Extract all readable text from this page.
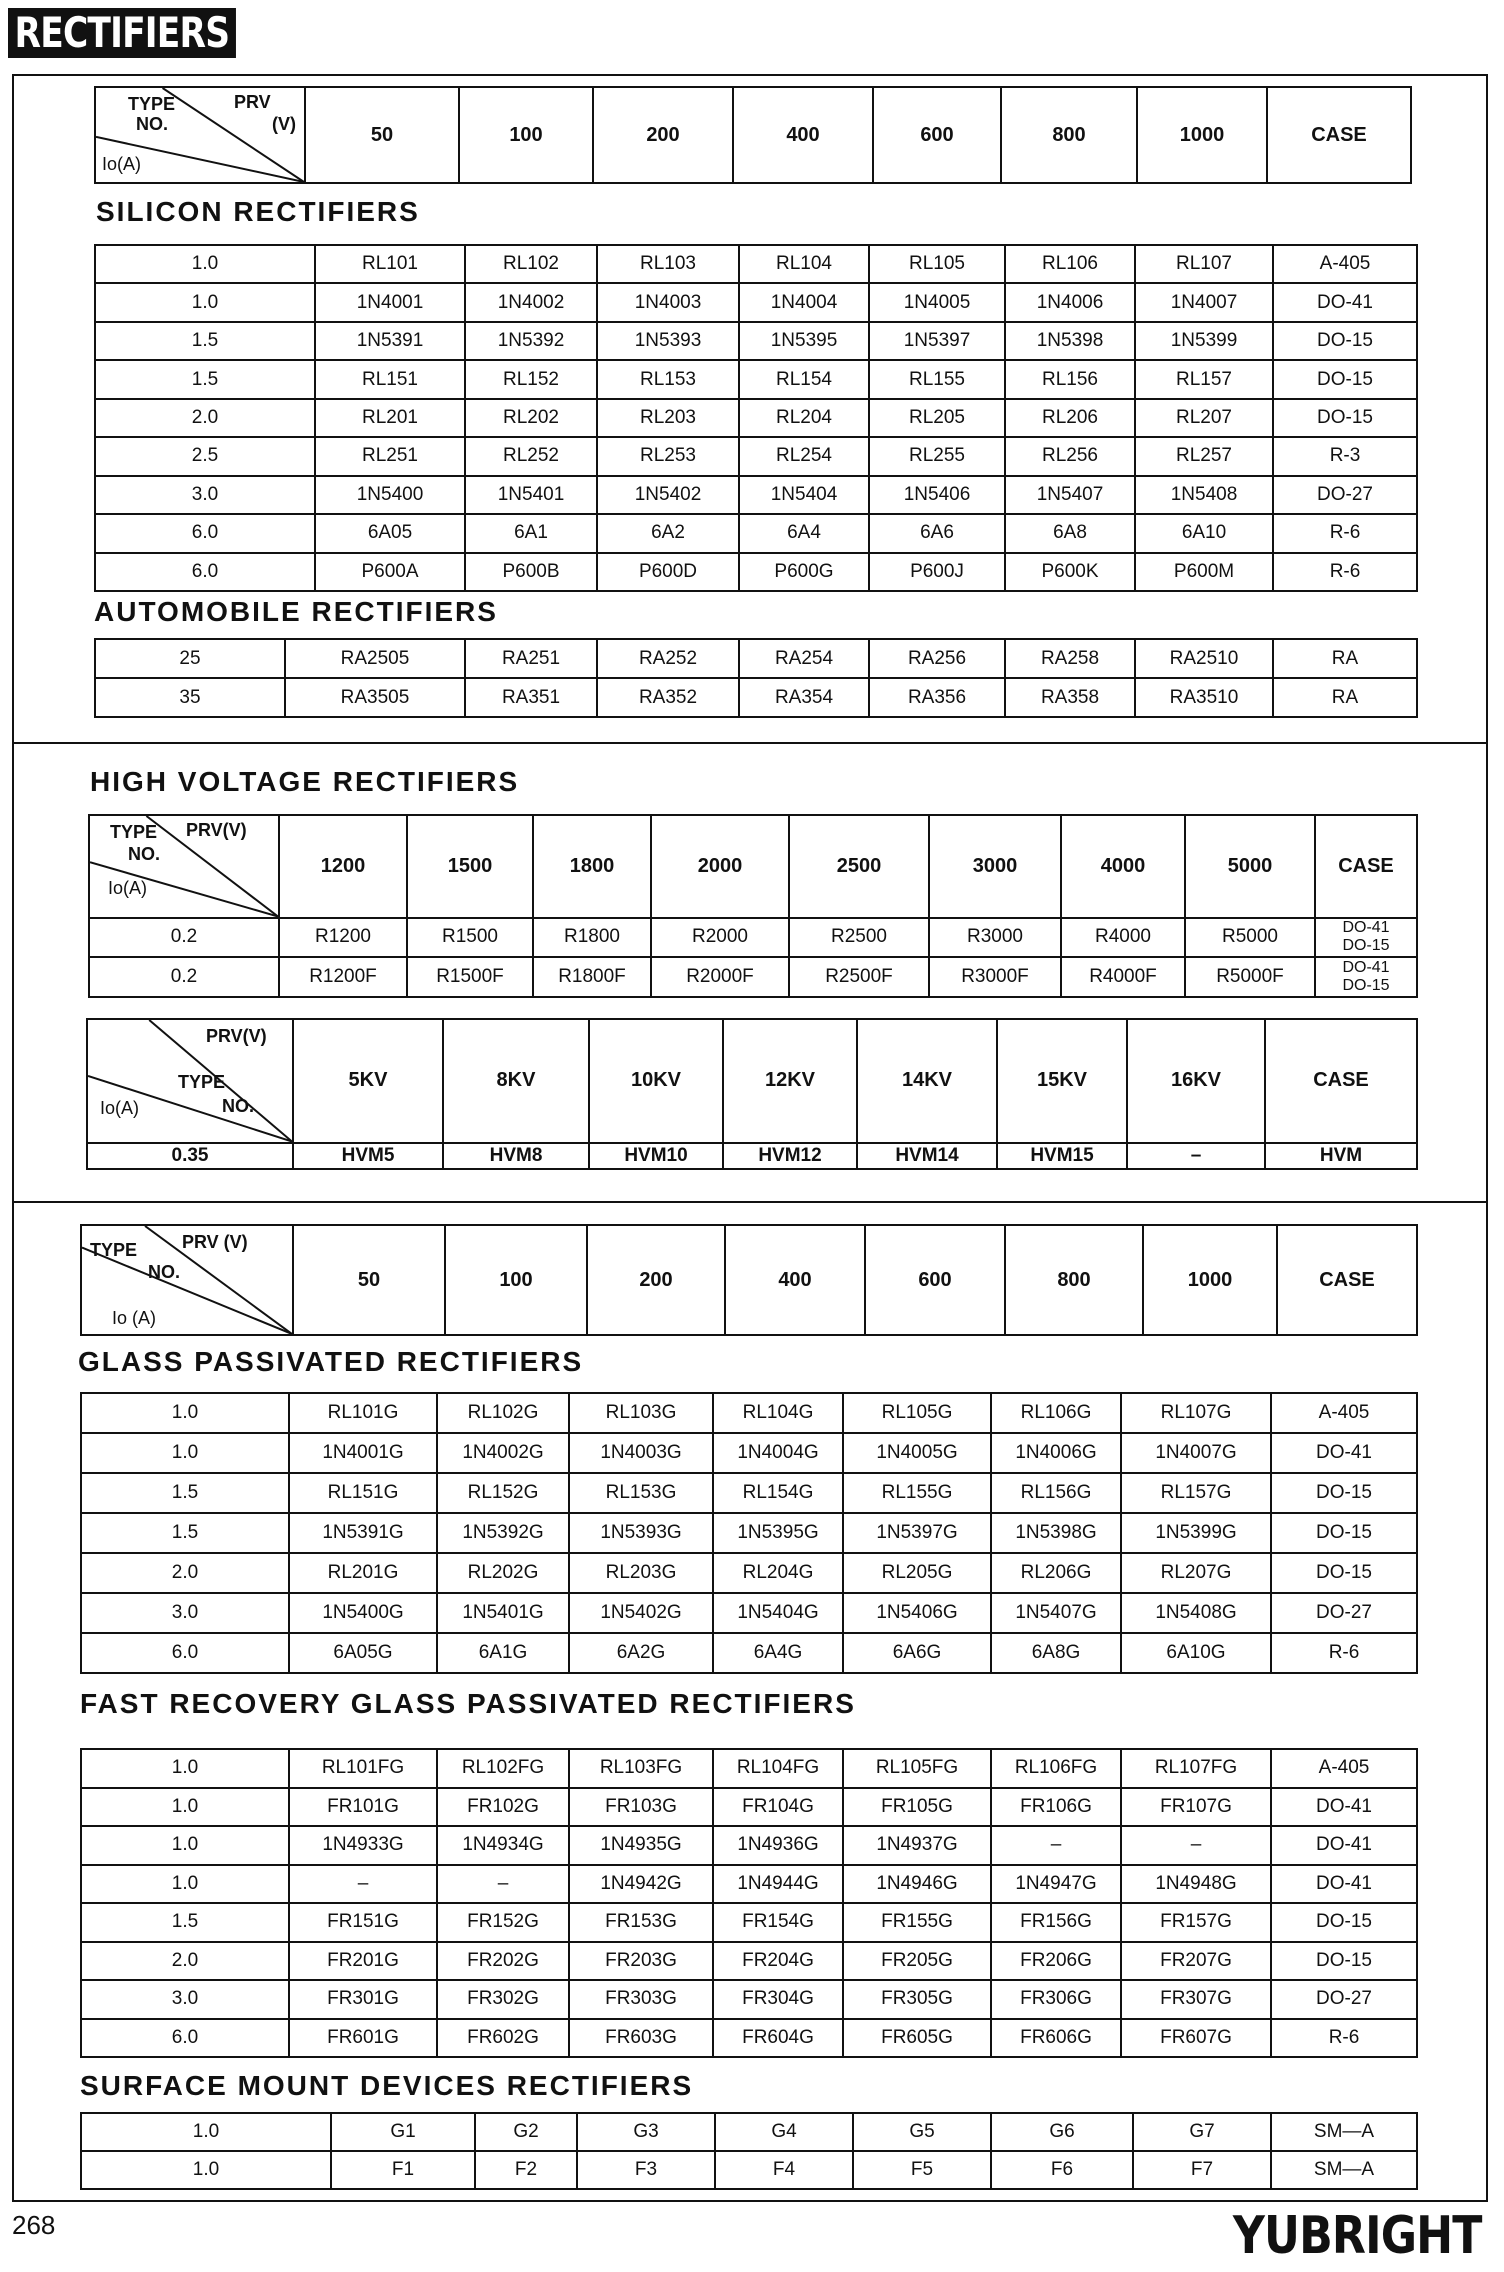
RECTIFIERS
TYPE
NO.
PRV
(V)
Io(A)
	50	100	200	400	600	800	1000	CASE
SILICON RECTIFIERS
1.0	RL101	RL102	RL103	RL104	RL105	RL106	RL107	A-405
1.0	1N4001	1N4002	1N4003	1N4004	1N4005	1N4006	1N4007	DO-41
1.5	1N5391	1N5392	1N5393	1N5395	1N5397	1N5398	1N5399	DO-15
1.5	RL151	RL152	RL153	RL154	RL155	RL156	RL157	DO-15
2.0	RL201	RL202	RL203	RL204	RL205	RL206	RL207	DO-15
2.5	RL251	RL252	RL253	RL254	RL255	RL256	RL257	R-3
3.0	1N5400	1N5401	1N5402	1N5404	1N5406	1N5407	1N5408	DO-27
6.0	6A05	6A1	6A2	6A4	6A6	6A8	6A10	R-6
6.0	P600A	P600B	P600D	P600G	P600J	P600K	P600M	R-6
AUTOMOBILE RECTIFIERS
25	RA2505	RA251	RA252	RA254	RA256	RA258	RA2510	RA
35	RA3505	RA351	RA352	RA354	RA356	RA358	RA3510	RA
HIGH VOLTAGE RECTIFIERS
TYPE
NO.
PRV(V)
Io(A)	1200	1500	1800	2000	2500	3000	4000	5000	CASE
0.2	R1200	R1500	R1800	R2000	R2500	R3000	R4000	R5000	DO-41
DO-15
0.2	R1200F	R1500F	R1800F	R2000F	R2500F	R3000F	R4000F	R5000F	DO-41
DO-15
PRV(V)
TYPE
NO.
Io(A)	5KV	8KV	10KV	12KV	14KV	15KV	16KV	CASE
0.35	HVM5	HVM8	HVM10	HVM12	HVM14	HVM15	–	HVM
TYPE
NO.
PRV (V)
Io (A)
	50	100	200	400	600	800	1000	CASE
GLASS PASSIVATED RECTIFIERS
1.0	RL101G	RL102G	RL103G	RL104G	RL105G	RL106G	RL107G	A-405
1.0	1N4001G	1N4002G	1N4003G	1N4004G	1N4005G	1N4006G	1N4007G	DO-41
1.5	RL151G	RL152G	RL153G	RL154G	RL155G	RL156G	RL157G	DO-15
1.5	1N5391G	1N5392G	1N5393G	1N5395G	1N5397G	1N5398G	1N5399G	DO-15
2.0	RL201G	RL202G	RL203G	RL204G	RL205G	RL206G	RL207G	DO-15
3.0	1N5400G	1N5401G	1N5402G	1N5404G	1N5406G	1N5407G	1N5408G	DO-27
6.0	6A05G	6A1G	6A2G	6A4G	6A6G	6A8G	6A10G	R-6
FAST RECOVERY GLASS PASSIVATED RECTIFIERS
1.0	RL101FG	RL102FG	RL103FG	RL104FG	RL105FG	RL106FG	RL107FG	A-405
1.0	FR101G	FR102G	FR103G	FR104G	FR105G	FR106G	FR107G	DO-41
1.0	1N4933G	1N4934G	1N4935G	1N4936G	1N4937G	–	–	DO-41
1.0	–	–	1N4942G	1N4944G	1N4946G	1N4947G	1N4948G	DO-41
1.5	FR151G	FR152G	FR153G	FR154G	FR155G	FR156G	FR157G	DO-15
2.0	FR201G	FR202G	FR203G	FR204G	FR205G	FR206G	FR207G	DO-15
3.0	FR301G	FR302G	FR303G	FR304G	FR305G	FR306G	FR307G	DO-27
6.0	FR601G	FR602G	FR603G	FR604G	FR605G	FR606G	FR607G	R-6
SURFACE MOUNT DEVICES RECTIFIERS
1.0	G1	G2	G3	G4	G5	G6	G7	SM—A
1.0	F1	F2	F3	F4	F5	F6	F7	SM—A
268	YUBRIGHT
